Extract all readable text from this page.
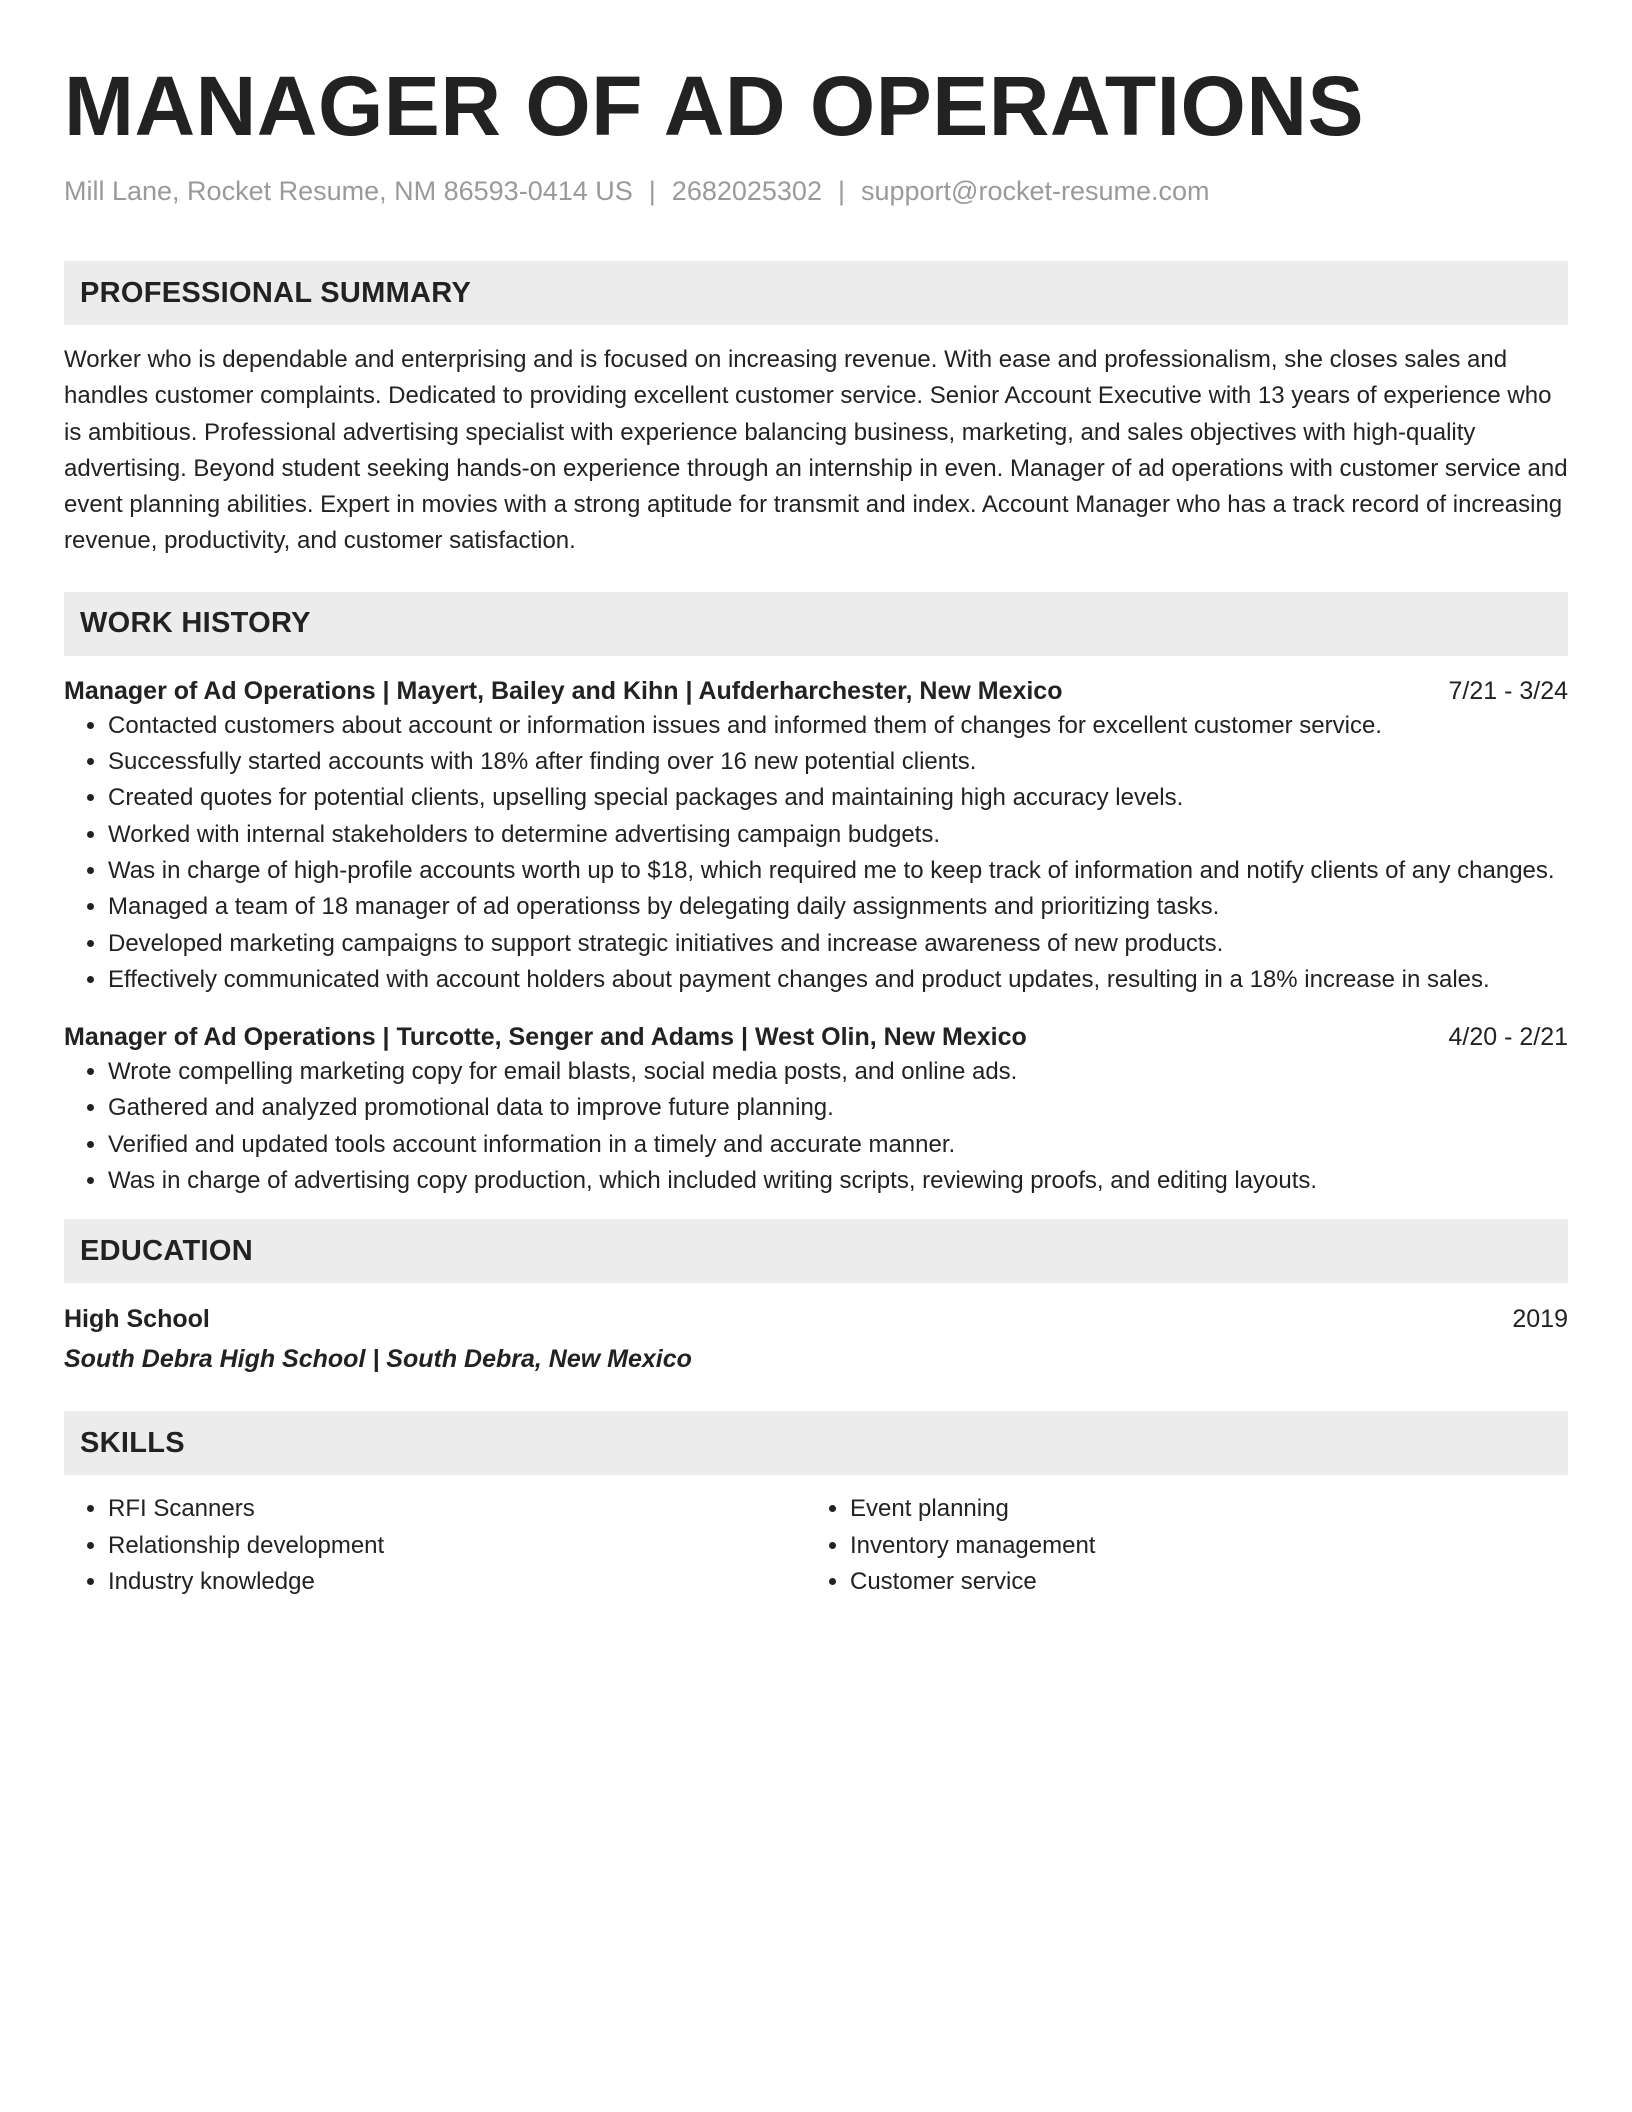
MANAGER OF AD OPERATIONS
Mill Lane, Rocket Resume, NM 86593-0414 US | 2682025302 | support@rocket-resume.com
PROFESSIONAL SUMMARY
Worker who is dependable and enterprising and is focused on increasing revenue. With ease and professionalism, she closes sales and handles customer complaints. Dedicated to providing excellent customer service. Senior Account Executive with 13 years of experience who is ambitious. Professional advertising specialist with experience balancing business, marketing, and sales objectives with high-quality advertising. Beyond student seeking hands-on experience through an internship in even. Manager of ad operations with customer service and event planning abilities. Expert in movies with a strong aptitude for transmit and index. Account Manager who has a track record of increasing revenue, productivity, and customer satisfaction.
WORK HISTORY
Manager of Ad Operations | Mayert, Bailey and Kihn | Aufderharchester, New Mexico	7/21 - 3/24
• Contacted customers about account or information issues and informed them of changes for excellent customer service.
• Successfully started accounts with 18% after finding over 16 new potential clients.
• Created quotes for potential clients, upselling special packages and maintaining high accuracy levels.
• Worked with internal stakeholders to determine advertising campaign budgets.
• Was in charge of high-profile accounts worth up to $18, which required me to keep track of information and notify clients of any changes.
• Managed a team of 18 manager of ad operationss by delegating daily assignments and prioritizing tasks.
• Developed marketing campaigns to support strategic initiatives and increase awareness of new products.
• Effectively communicated with account holders about payment changes and product updates, resulting in a 18% increase in sales.
Manager of Ad Operations | Turcotte, Senger and Adams | West Olin, New Mexico	4/20 - 2/21
• Wrote compelling marketing copy for email blasts, social media posts, and online ads.
• Gathered and analyzed promotional data to improve future planning.
• Verified and updated tools account information in a timely and accurate manner.
• Was in charge of advertising copy production, which included writing scripts, reviewing proofs, and editing layouts.
EDUCATION
High School	2019
South Debra High School | South Debra, New Mexico
SKILLS
• RFI Scanners
• Relationship development
• Industry knowledge
• Event planning
• Inventory management
• Customer service
